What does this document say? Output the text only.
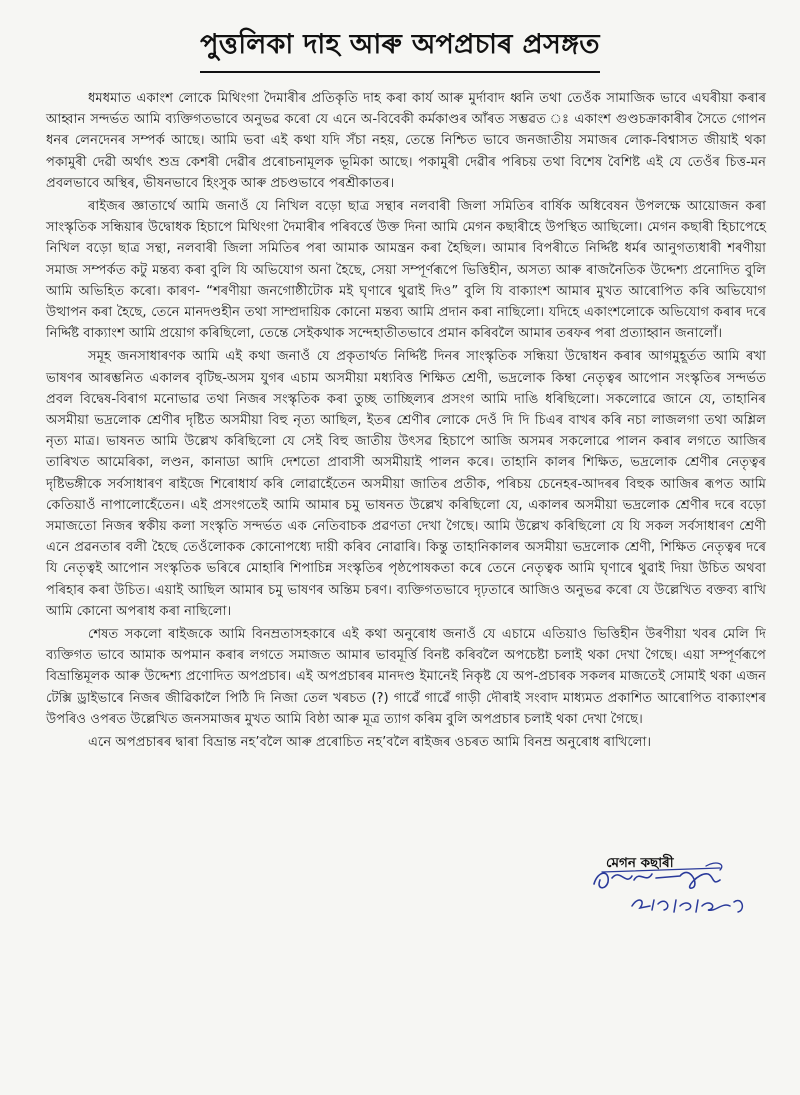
পুত্তলিকা দাহ আৰু অপপ্ৰচাৰ প্ৰসঙ্গত

ধমধমাত একাংশ লোকে মিথিংগা দৈমাৰীৰ প্ৰতিকৃতি দাহ কৰা কাৰ্য আৰু মুৰ্দাবাদ ধ্বনি তথা তেওঁক সামাজিক ভাবে এঘৰীয়া কৰাৰ আহ্বান সন্দৰ্ভত আমি ব্যক্তিগতভাবে অনুভৱ কৰো যে এনে অ-বিবেকী কৰ্মকাণ্ডৰ আঁৰত সম্ভৱত ঃ একাংশ গুণ্ডচক্ৰাকাৰীৰ সৈতে গোপন ধনৰ লেনদেনৰ সম্পৰ্ক আছে। আমি ভবা এই কথা যদি সঁচা নহয়, তেন্তে নিশ্চিত ভাবে জনজাতীয় সমাজৰ লোক-বিশ্বাসত জীয়াই থকা পকামুৰী দেৱী অৰ্থাৎ শুভ্ৰ কেশৰী দেৱীৰ প্ৰৰোচনামূলক ভূমিকা আছে। পকামুৰী দেৱীৰ পৰিচয় তথা বিশেষ বৈশিষ্ট এই যে তেওঁৰ চিত্ত-মন প্ৰবলভাবে অস্থিৰ, ভীষনভাবে হিংসুক আৰু প্ৰচণ্ডভাবে পৰশ্ৰীকাতৰ।

ৰাইজৰ জ্ঞাতাৰ্থে আমি জনাওঁ যে নিখিল বড়ো ছাত্ৰ সন্থাৰ নলবাৰী জিলা সমিতিৰ বাৰ্ষিক অধিবেষন উপলক্ষে আয়োজন কৰা সাংস্কৃতিক সন্ধিয়াৰ উদ্বোধক হিচাপে মিথিংগা দৈমাৰীৰ পৰিবৰ্ত্তে উক্ত দিনা আমি মেগন কছাৰীহে উপস্থিত আছিলো। মেগন কছাৰী হিচাপেহে নিখিল বড়ো ছাত্ৰ সন্থা, নলবাৰী জিলা সমিতিৰ পৰা আমাক আমন্ত্ৰন কৰা হৈছিল। আমাৰ বিপৰীতে নিৰ্দ্দিষ্ট ধৰ্মৰ আনুগত্যধাৰী শৰণীয়া সমাজ সম্পৰ্কত কটু মন্তব্য কৰা বুলি যি অভিযোগ অনা হৈছে, সেয়া সম্পূৰ্ণৰূপে ভিত্তিহীন, অসত্য আৰু ৰাজনৈতিক উদ্দেশ্য প্ৰনোদিত বুলি আমি অভিহিত কৰো। কাৰণ- “শৰণীয়া জনগোষ্ঠীটোক মই ঘৃণাৰে থুৱাই দিও” বুলি যি বাক্যাংশ আমাৰ মুখত আৰোপিত কৰি অভিযোগ উত্থাপন কৰা হৈছে, তেনে মানদণ্ডহীন তথা সাম্প্ৰদায়িক কোনো মন্তব্য আমি প্ৰদান কৰা নাছিলো। যদিহে একাংশলোকে অভিযোগ কৰাৰ দৰে নিৰ্দ্দিষ্ট বাক্যাংশ আমি প্ৰয়োগ কৰিছিলো, তেন্তে সেইকথাক সন্দেহাতীতভাবে প্ৰমান কৰিবলৈ আমাৰ তৰফৰ পৰা প্ৰত্যাহ্বান জনালোঁ।

সমূহ জনসাধাৰণক আমি এই কথা জনাওঁ যে প্ৰকৃতাৰ্থত নিৰ্দ্দিষ্ট দিনৰ সাংস্কৃতিক সন্ধিয়া উদ্বোধন কৰাৰ আগমুহূৰ্তত আমি ৰখা ভাষণৰ আৰম্ভনিত একালৰ বৃটিছ-অসম যুগৰ এচাম অসমীয়া মধ্যবিত্ত শিক্ষিত শ্ৰেণী, ভদ্ৰলোক কিম্বা নেতৃত্বৰ আপোন সংস্কৃতিৰ সন্দৰ্ভত প্ৰবল বিদ্বেষ-বিৰাগ মনোভাৱ তথা নিজৰ সংস্কৃতিক কৰা তুচ্ছ তাচ্ছিল্যৰ প্ৰসংগ আমি দাঙি ধৰিছিলো। সকলোৱে জানে যে, তাহানিৰ অসমীয়া ভদ্ৰলোক শ্ৰেণীৰ দৃষ্টিত অসমীয়া বিহু নৃত্য আছিল, ইতৰ শ্ৰেণীৰ লোকে দেওঁ দি দি চিএৰ বাখৰ কৰি নচা লাজলগা তথা অশ্লিল নৃত্য মাত্ৰ। ভাষনত আমি উল্লেখ কৰিছিলো যে সেই বিহু জাতীয় উৎসৱ হিচাপে আজি অসমৰ সকলোৱে পালন কৰাৰ লগতে আজিৰ তাৰিখত আমেৰিকা, লণ্ডন, কানাডা আদি দেশতো প্ৰাবাসী অসমীয়াই পালন কৰে। তাহানি কালৰ শিক্ষিত, ভদ্ৰলোক শ্ৰেণীৰ নেতৃত্বৰ দৃষ্টিভঙ্গীকে সৰ্বসাধাৰণ ৰাইজে শিৰোধাৰ্য কৰি লোৱাহেঁতেন অসমীয়া জাতিৰ প্ৰতীক, পৰিচয় চেনেহৰ-আদৰৰ বিহুক আজিৰ ৰূপত আমি কেতিয়াওঁ নাপালোহেঁতেন। এই প্ৰসংগতেই আমি আমাৰ চমু ভাষনত উল্লেখ কৰিছিলো যে, একালৰ অসমীয়া ভদ্ৰলোক শ্ৰেণীৰ দৰে বড়ো সমাজতো নিজৰ স্বকীয় কলা সংস্কৃতি সন্দৰ্ভত এক নেতিবাচক প্ৰৱণতা দেখা গৈছে। আমি উল্লেখ কৰিছিলো যে যি সকল সৰ্বসাধাৰণ শ্ৰেণী এনে প্ৰৱনতাৰ বলী হৈছে তেওঁলোকক কোনোপধ্যে দায়ী কৰিব নোৱাৰি। কিন্তু তাহানিকালৰ অসমীয়া ভদ্ৰলোক শ্ৰেণী, শিক্ষিত নেতৃত্বৰ দৰে যি নেতৃত্বই আপোন সংস্কৃতিক ভৰিৰে মোহাৰি শিপাচিন্ন সংস্কৃতিৰ পৃষ্ঠপোষকতা কৰে তেনে নেতৃত্বক আমি ঘৃণাৰে থুৱাই দিয়া উচিত অথবা পৰিহাৰ কৰা উচিত। এয়াই আছিল আমাৰ চমু ভাষণৰ অন্তিম চৰণ। ব্যক্তিগতভাবে দৃঢ়তাৰে আজিও অনুভৱ কৰো যে উল্লেখিত বক্তব্য ৰাখি আমি কোনো অপৰাধ কৰা নাছিলো।

শেষত সকলো ৰাইজকে আমি বিনম্ৰতাসহকাৰে এই কথা অনুৰোধ জনাওঁ যে এচামে এতিয়াও ভিত্তিহীন উৰণীয়া খবৰ মেলি দি ব্যক্তিগত ভাবে আমাক অপমান কৰাৰ লগতে সমাজত আমাৰ ভাবমূৰ্ত্তি বিনষ্ট কৰিবলৈ অপচেষ্টা চলাই থকা দেখা গৈছে। এয়া সম্পূৰ্ণৰূপে বিভ্ৰান্তিমূলক আৰু উদ্দেশ্য প্ৰণোদিত অপপ্ৰচাৰ। এই অপপ্ৰচাৰৰ মানদণ্ড ইমানেই নিকৃষ্ট যে অপ-প্ৰচাৰক সকলৰ মাজতেই সোমাই থকা এজন টেক্সি ড্ৰাইভাৰে নিজৰ জীৱিকালৈ পিঠি দি নিজা তেল খৰচত (?) গাৱেঁ গাৱেঁ গাড়ী দৌৰাই সংবাদ মাধ্যমত প্ৰকাশিত আৰোপিত বাক্যাংশৰ উপৰিও ওপৰত উল্লেখিত জনসমাজৰ মুখত আমি বিষ্ঠা আৰু মূত্ৰ ত্যাগ কৰিম বুলি অপপ্ৰচাৰ চলাই থকা দেখা গৈছে।

এনে অপপ্ৰচাৰৰ দ্বাৰা বিভ্ৰান্ত নহ’বলৈ আৰু প্ৰৰোচিত নহ’বলৈ ৰাইজৰ ওচৰত আমি বিনম্ৰ অনুৰোধ ৰাখিলো।

মেগন কছাৰী
